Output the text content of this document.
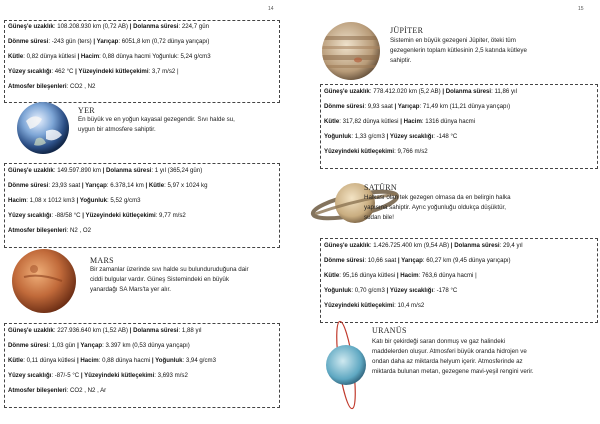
14
Güneş'e uzaklık: 108.208.930 km (0,72 AB) | Dolanma süresi: 224,7 gün
Dönme süresi: -243 gün (ters) | Yarıçap: 6051,8 km (0,72 dünya yarıçapı)
Kütle: 0,82 dünya kütlesi | Hacim: 0,88 dünya hacmi Yoğunluk: 5,24 g/cm3
Yüzey sıcaklığı: 462 °C | Yüzeyindeki kütleçekimi: 3,7 m/s2 |
Atmosfer bileşenleri: CO2 , N2
YER
En büyük ve en yoğun kayasal gezegendir. Sıvı halde su,
uygun bir atmosfere sahiptir.
Güneş'e uzaklık: 149.597.890 km | Dolanma süresi: 1 yıl (365,24 gün)
Dönme süresi: 23,93 saat | Yarıçap: 6.378,14 km | Kütle: 5,97 x 1024 kg
Hacim: 1,08 x 1012 km3 | Yoğunluk: 5,52 g/cm3
Yüzey sıcaklığı: -88/58 °C | Yüzeyindeki kütleçekimi: 9,77 m/s2
Atmosfer bileşenleri: N2 , O2
MARS
Bir zamanlar üzerinde sıvı halde su bulunduruduğuna dair
ciddi bulgular vardır. Güneş Sistemindeki en büyük
yanardağı SA Mars'ta yer alır.
Güneş'e uzaklık: 227.936.640 km (1,52 AB) | Dolanma süresi: 1,88 yıl
Dönme süresi: 1,03 gün | Yarıçap: 3.397 km (0,53 dünya yarıçapı)
Kütle: 0,11 dünya kütlesi | Hacim: 0,88 dünya hacmi | Yoğunluk: 3,94 g/cm3
Yüzey sıcaklığı: -87/-5 °C | Yüzeyindeki kütleçekimi: 3,693 m/s2
Atmosfer bileşenleri: CO2 , N2 , Ar
15
JÜPİTER
Sistemin en büyük gezegeni Jüpiter, öteki tüm
gezegenlerin toplam kütlesinin 2,5 katında kütleye
sahiptir.
Güneş'e uzaklık: 778.412.020 km (5,2 AB) | Dolanma süresi: 11,86 yıl
Dönme süresi: 9,93 saat | Yarıçap: 71,49 km (11,21 dünya yarıçapı)
Kütle: 317,82 dünya kütlesi | Hacim: 1316 dünya hacmi
Yoğunluk: 1,33 g/cm3 | Yüzey sıcaklığı: -148 °C
Yüzeyindeki kütleçekimi: 9,766 m/s2
SATÜRN
Halkası olan tek gezegen olmasa da en belirgin halka
yapısına sahiptir. Ayrıc yoğunluğu oldukça düşüktür,
sudan bile!
Güneş'e uzaklık: 1.426.725.400 km (9,54 AB) | Dolanma süresi: 29,4 yıl
Dönme süresi: 10,66 saat | Yarıçap: 60,27 km (9,45 dünya yarıçapı)
Kütle: 95,16 dünya kütlesi | Hacim: 763,6 dünya hacmi |
Yoğunluk: 0,70 g/cm3 | Yüzey sıcaklığı: -178 °C
Yüzeyindeki kütleçekimi: 10,4 m/s2
URANÜS
Katı bir çekirdeği saran donmuş ve gaz halindeki
maddelerden oluşur. Atmosferi büyük oranda hidrojen ve
ondan daha az miktarda helyum içerir. Atmosferinde az
miktarda bulunan metan, gezegene mavi-yeşil rengini verir.
